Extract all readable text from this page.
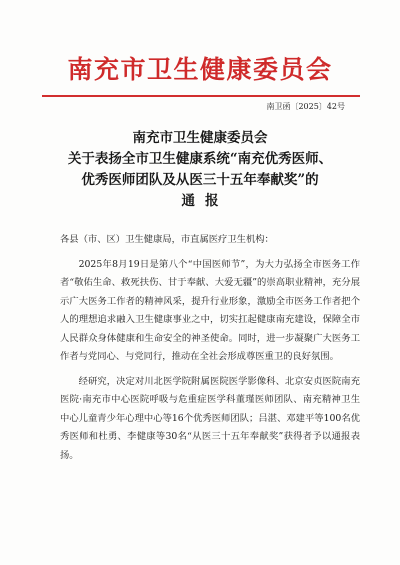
南充市卫生健康委员会
南卫函〔2025〕42号
南充市卫生健康委员会
关于表扬全市卫生健康系统“南充优秀医师、
优秀医师团队及从医三十五年奉献奖”的
通报

各县（市、区）卫生健康局，市直属医疗卫生机构：

2025年8月19日是第八个“中国医师节”，为大力弘扬全市医务工作者“敬佑生命、救死扶伤、甘于奉献、大爱无疆”的崇高职业精神，充分展示广大医务工作者的精神风采，提升行业形象，激励全市医务工作者把个人的理想追求融入卫生健康事业之中，切实扛起健康南充建设，保障全市人民群众身体健康和生命安全的神圣使命。同时，进一步凝聚广大医务工作者与党同心、与党同行，推动在全社会形成尊医重卫的良好氛围。

经研究，决定对川北医学院附属医院医学影像科、北京安贞医院南充医院·南充市中心医院呼吸与危重症医学科董瑾医师团队、南充精神卫生中心儿童青少年心理中心等16个优秀医师团队；吕湛、邓建平等100名优秀医师和杜勇、李健康等30名“从医三十五年奉献奖”获得者予以通报表扬。
